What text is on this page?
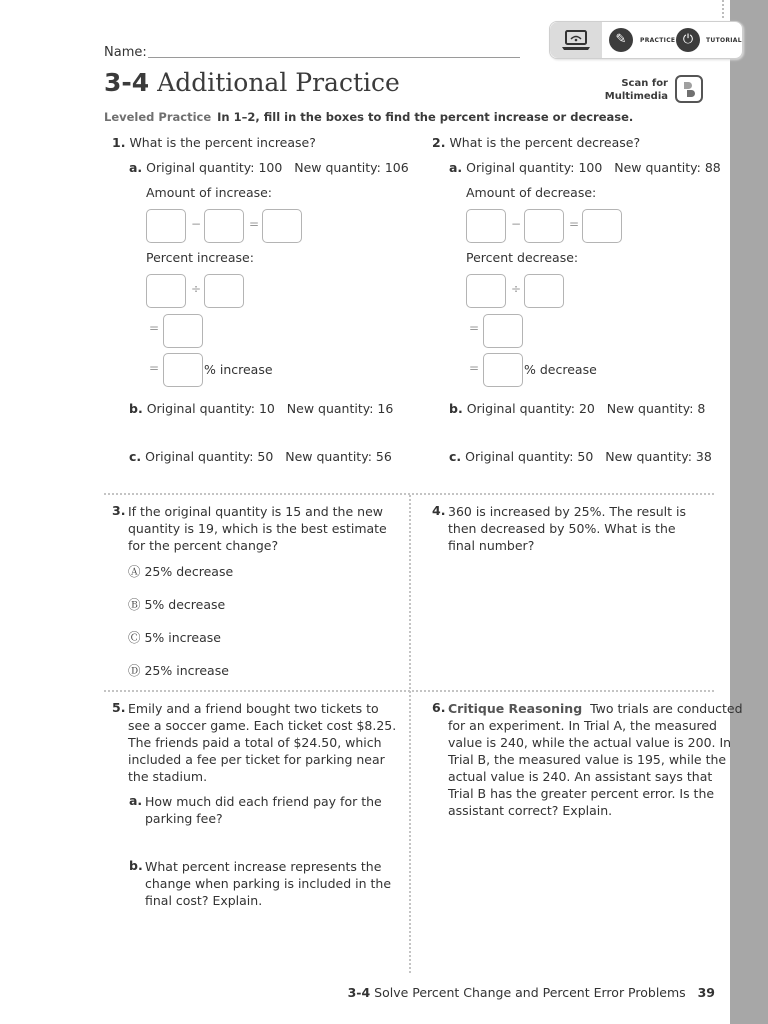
Name:
3-4 Additional Practice
✎	PRACTICE ⏻	TUTORIAL
Scan for
Multimedia
Leveled Practice In 1–2, fill in the boxes to find the percent increase or decrease.
1. What is the percent increase?
a. Original quantity: 100   New quantity: 106
Amount of increase:
−	=
Percent increase:
÷
=
=	% increase
b. Original quantity: 10   New quantity: 16
c. Original quantity: 50   New quantity: 56
2. What is the percent decrease?
a. Original quantity: 100   New quantity: 88
Amount of decrease:
−	=
Percent decrease:
÷
=
=	% decrease
b. Original quantity: 20   New quantity: 8
c. Original quantity: 50   New quantity: 38
3. If the original quantity is 15 and the new
quantity is 19, which is the best estimate
for the percent change?
Ⓐ 25% decrease
Ⓑ 5% decrease
Ⓒ 5% increase
Ⓓ 25% increase
4. 360 is increased by 25%. The result is
then decreased by 50%. What is the
final number?
5. Emily and a friend bought two tickets to
see a soccer game. Each ticket cost $8.25.
The friends paid a total of $24.50, which
included a fee per ticket for parking near
the stadium.
a. How much did each friend pay for the
parking fee?
b. What percent increase represents the
change when parking is included in the
final cost? Explain.
6. Critique Reasoning Two trials are conducted
for an experiment. In Trial A, the measured
value is 240, while the actual value is 200. In
Trial B, the measured value is 195, while the
actual value is 240. An assistant says that
Trial B has the greater percent error. Is the
assistant correct? Explain.
3-4 Solve Percent Change and Percent Error Problems 39
